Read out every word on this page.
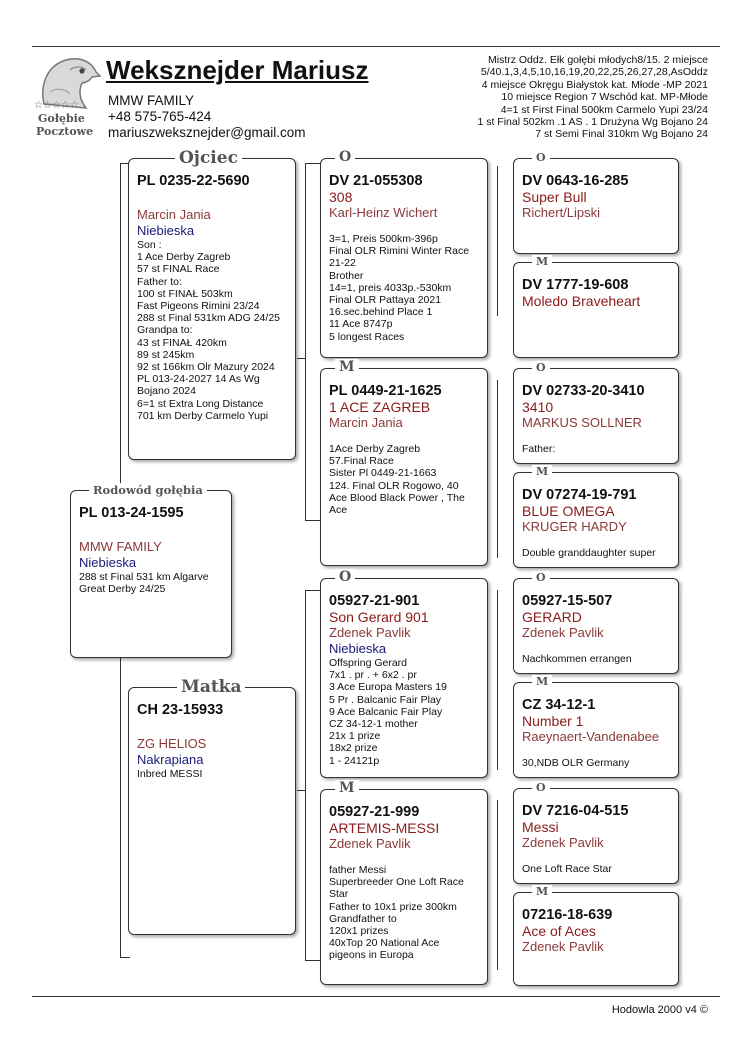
☆☆☆☆☆
Gołębie
Pocztowe
Weksznejder Mariusz
MMW FAMILY
+48 575-765-424
mariuszweksznejder@gmail.com
Mistrz Oddz. Ełk gołębi młodych8/15. 2 miejsce
5/40.1,3,4,5,10,16,19,20,22,25,26,27,28,AsOddz
4 miejsce Okręgu Białystok kat. Młode -MP 2021
10 miejsce Region 7 Wschód kat. MP-Młode
4=1 st First Final 500km Carmelo Yupi 23/24
1 st Final 502km .1 AS . 1 Drużyna Wg Bojano 24
7 st Semi Final 310km Wg Bojano 24
Rodowód gołębia
PL 013-24-1595
MMW FAMILY
Niebieska
288 st Final 531 km Algarve
Great Derby 24/25
Ojciec
PL 0235-22-5690
Marcin Jania
Niebieska
Son :
1 Ace Derby Zagreb
57 st FINAL Race
Father to:
100 st FINAŁ 503km
Fast Pigeons Rimini 23/24
288 st Final 531km ADG 24/25
Grandpa to:
43 st FINAŁ 420km
89 st 245km
92 st 166km Olr Mazury 2024
PL 013-24-2027 14 As Wg
Bojano 2024
6=1 st Extra Long Distance
701 km Derby Carmelo Yupi
Matka
CH 23-15933
ZG HELIOS
Nakrapiana
Inbred MESSI
O
DV 21-055308
308
Karl-Heinz Wichert
3=1, Preis 500km-396p
Final OLR Rimini Winter Race
21-22
Brother
14=1, preis 4033p.-530km
Final OLR Pattaya 2021
16.sec.behind Place 1
11 Ace 8747p
5 longest Races
M
PL 0449-21-1625
1 ACE ZAGREB
Marcin Jania
1Ace Derby Zagreb
57.Final Race
Sister Pl 0449-21-1663
124. Final OLR Rogowo, 40
Ace Blood Black Power , The
Ace
O
05927-21-901
Son Gerard 901
Zdenek Pavlik
Niebieska
Offspring Gerard
7x1 . pr . + 6x2 . pr
3 Ace Europa Masters 19
5 Pr . Balcanic Fair Play
9 Ace Balcanic Fair Play
CZ 34-12-1 mother
21x 1 prize
18x2 prize
1 - 24121p
M
05927-21-999
ARTEMIS-MESSI
Zdenek Pavlik
father Messi
Superbreeder One Loft Race
Star
Father to 10x1 prize 300km
Grandfather to
120x1 prizes
40xTop 20 National Ace
pigeons in Europa
O
DV 0643-16-285
Super Bull
Richert/Lipski
M
DV 1777-19-608
Moledo Braveheart
O
DV 02733-20-3410
3410
MARKUS SOLLNER
Father:
M
DV 07274-19-791
BLUE OMEGA
KRUGER HARDY
Double granddaughter super
O
05927-15-507
GERARD
Zdenek Pavlik
Nachkommen errangen
M
CZ 34-12-1
Number 1
Raeynaert-Vandenabee
30,NDB OLR Germany
O
DV 7216-04-515
Messi
Zdenek Pavlik
One Loft Race Star
M
07216-18-639
Ace of Aces
Zdenek Pavlik
Hodowla 2000 v4 ©
